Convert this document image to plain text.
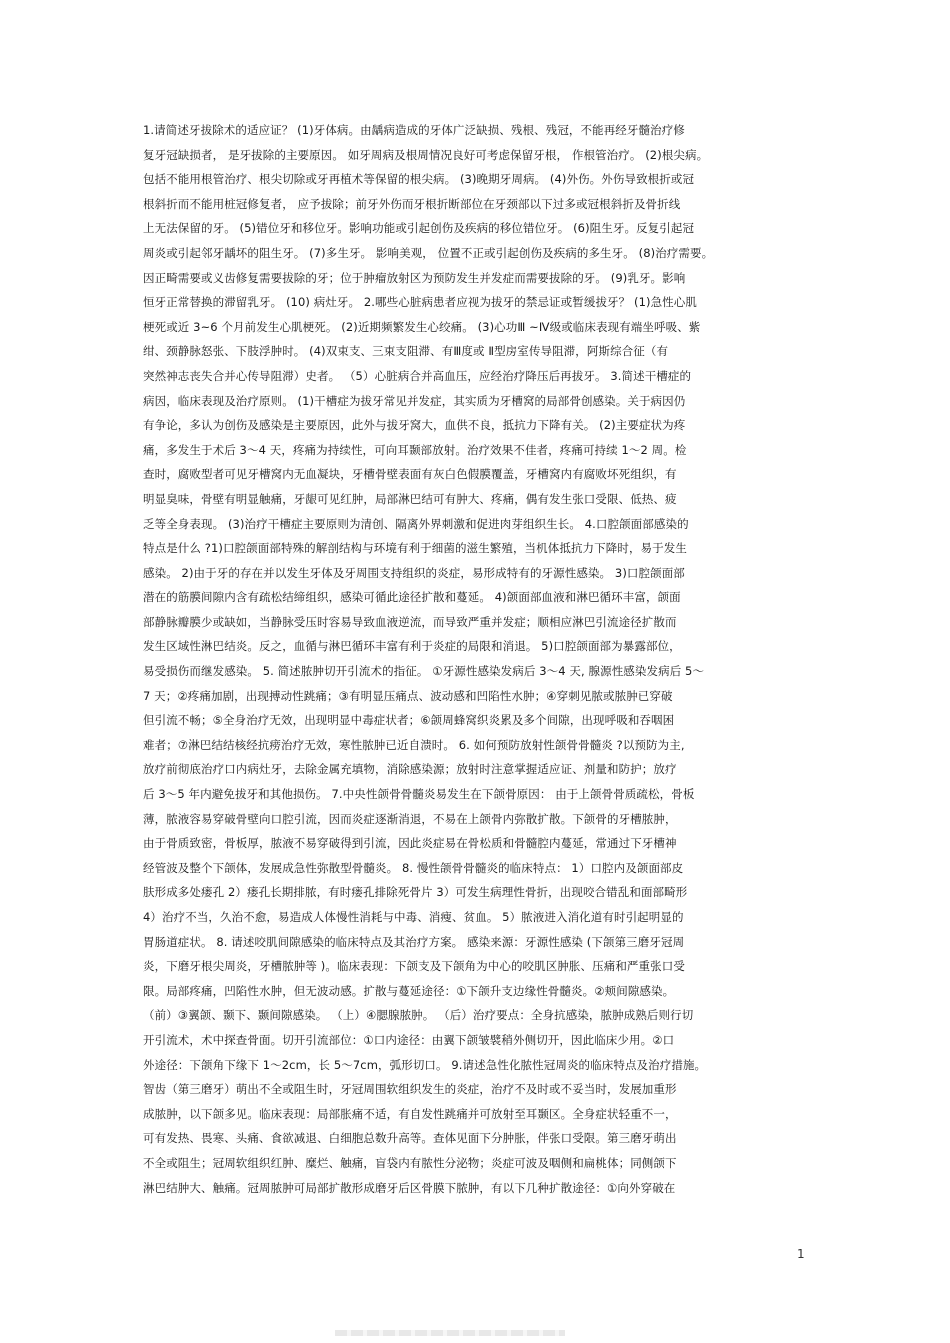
1.请简述牙拔除术的适应证？ (1)牙体病。由龋病造成的牙体广泛缺损、残根、残冠，不能再经牙髓治疗修
复牙冠缺损者， 是牙拔除的主要原因。 如牙周病及根周情况良好可考虑保留牙根， 作根管治疗。 (2)根尖病。
包括不能用根管治疗、根尖切除或牙再植术等保留的根尖病。 (3)晚期牙周病。 (4)外伤。外伤导致根折或冠
根斜折而不能用桩冠修复者， 应予拔除；前牙外伤而牙根折断部位在牙颈部以下过多或冠根斜折及骨折线
上无法保留的牙。 (5)错位牙和移位牙。影响功能或引起创伤及疾病的移位错位牙。 (6)阻生牙。反复引起冠
周炎或引起邻牙龋坏的阻生牙。 (7)多生牙。 影响美观， 位置不正或引起创伤及疾病的多生牙。 (8)治疗需要。
因正畸需要或义齿修复需要拔除的牙；位于肿瘤放射区为预防发生并发症而需要拔除的牙。 (9)乳牙。影响
恒牙正常替换的滞留乳牙。 (10) 病灶牙。 2.哪些心脏病患者应视为拔牙的禁忌证或暂缓拔牙？ (1)急性心肌
梗死或近 3~6 个月前发生心肌梗死。 (2)近期频繁发生心绞痛。 (3)心功Ⅲ ~Ⅳ级或临床表现有端坐呼吸、紫
绀、颈静脉怒张、下肢浮肿时。 (4)双束支、三束支阻滞、有Ⅲ度或 Ⅱ型房室传导阻滞，阿斯综合征（有
突然神志丧失合并心传导阻滞）史者。 （5）心脏病合并高血压，应经治疗降压后再拔牙。 3.简述干槽症的
病因，临床表现及治疗原则。 (1)干槽症为拔牙常见并发症，其实质为牙槽窝的局部骨创感染。关于病因仍
有争论，多认为创伤及感染是主要原因，此外与拔牙窝大，血供不良，抵抗力下降有关。 (2)主要症状为疼
痛，多发生于术后 3～4 天，疼痛为持续性，可向耳颞部放射。治疗效果不佳者，疼痛可持续 1～2 周。检
查时，腐败型者可见牙槽窝内无血凝块，牙槽骨壁表面有灰白色假膜覆盖，牙槽窝内有腐败坏死组织，有
明显臭味，骨壁有明显触痛，牙龈可见红肿，局部淋巴结可有肿大、疼痛，偶有发生张口受限、低热、疲
乏等全身表现。 (3)治疗干槽症主要原则为清创、隔离外界刺激和促进肉芽组织生长。 4.口腔颌面部感染的
特点是什么 ?1)口腔颌面部特殊的解剖结构与环境有利于细菌的滋生繁殖，当机体抵抗力下降时，易于发生
感染。 2)由于牙的存在并以发生牙体及牙周围支持组织的炎症，易形成特有的牙源性感染。 3)口腔颌面部
潜在的筋膜间隙内含有疏松结缔组织，感染可循此途径扩散和蔓延。 4)颌面部血液和淋巴循环丰富，颌面
部静脉瓣膜少或缺如，当静脉受压时容易导致血液逆流，而导致严重并发症；顺相应淋巴引流途径扩散而
发生区域性淋巴结炎。反之，血循与淋巴循环丰富有利于炎症的局限和消退。 5)口腔颌面部为暴露部位，
易受损伤而继发感染。 5. 简述脓肿切开引流术的指征。 ①牙源性感染发病后 3～4 天, 腺源性感染发病后 5～
7 天；②疼痛加剧，出现搏动性跳痛；③有明显压痛点、波动感和凹陷性水肿；④穿刺见脓或脓肿已穿破
但引流不畅；⑤全身治疗无效，出现明显中毒症状者；⑥颌周蜂窝织炎累及多个间隙，出现呼吸和吞咽困
难者；⑦淋巴结结核经抗痨治疗无效，寒性脓肿已近自溃时。 6. 如何预防放射性颌骨骨髓炎 ?以预防为主,
放疗前彻底治疗口内病灶牙，去除金属充填物，消除感染源；放射时注意掌握适应证、剂量和防护；放疗
后 3～5 年内避免拔牙和其他损伤。 7.中央性颌骨骨髓炎易发生在下颌骨原因： 由于上颌骨骨质疏松，骨板
薄，脓液容易穿破骨壁向口腔引流，因而炎症逐渐消退，不易在上颌骨内弥散扩散。下颌骨的牙槽脓肿，
由于骨质致密，骨板厚，脓液不易穿破得到引流，因此炎症易在骨松质和骨髓腔内蔓延，常通过下牙槽神
经管波及整个下颌体，发展成急性弥散型骨髓炎。 8. 慢性颌骨骨髓炎的临床特点： 1）口腔内及颌面部皮
肤形成多处瘘孔 2）瘘孔长期排脓，有时瘘孔排除死骨片 3）可发生病理性骨折，出现咬合错乱和面部畸形
4）治疗不当，久治不愈，易造成人体慢性消耗与中毒、消瘦、贫血。 5）脓液进入消化道有时引起明显的
胃肠道症状。 8. 请述咬肌间隙感染的临床特点及其治疗方案。 感染来源：牙源性感染 (下颌第三磨牙冠周
炎，下磨牙根尖周炎，牙槽脓肿等 )。临床表现：下颌支及下颌角为中心的咬肌区肿胀、压痛和严重张口受
限。局部疼痛，凹陷性水肿，但无波动感。扩散与蔓延途径：①下颌升支边缘性骨髓炎。②颊间隙感染。
（前）③翼颌、颞下、颞间隙感染。 （上）④腮腺脓肿。 （后）治疗要点：全身抗感染，脓肿成熟后则行切
开引流术，术中探查骨面。切开引流部位：①口内途径：由翼下颌皱襞稍外侧切开，因此临床少用。②口
外途径：下颌角下缘下 1～2cm，长 5～7cm，弧形切口。 9.请述急性化脓性冠周炎的临床特点及治疗措施。
智齿（第三磨牙）萌出不全或阻生时，牙冠周围软组织发生的炎症，治疗不及时或不妥当时，发展加重形
成脓肿，以下颌多见。临床表现：局部胀痛不适，有自发性跳痛并可放射至耳颞区。全身症状轻重不一，
可有发热、畏寒、头痛、食欲减退、白细胞总数升高等。查体见面下分肿胀，伴张口受限。第三磨牙萌出
不全或阻生；冠周软组织红肿、糜烂、触痛，盲袋内有脓性分泌物；炎症可波及咽侧和扁桃体；同侧颌下
淋巴结肿大、触痛。冠周脓肿可局部扩散形成磨牙后区骨膜下脓肿，有以下几种扩散途径：①向外穿破在
1
